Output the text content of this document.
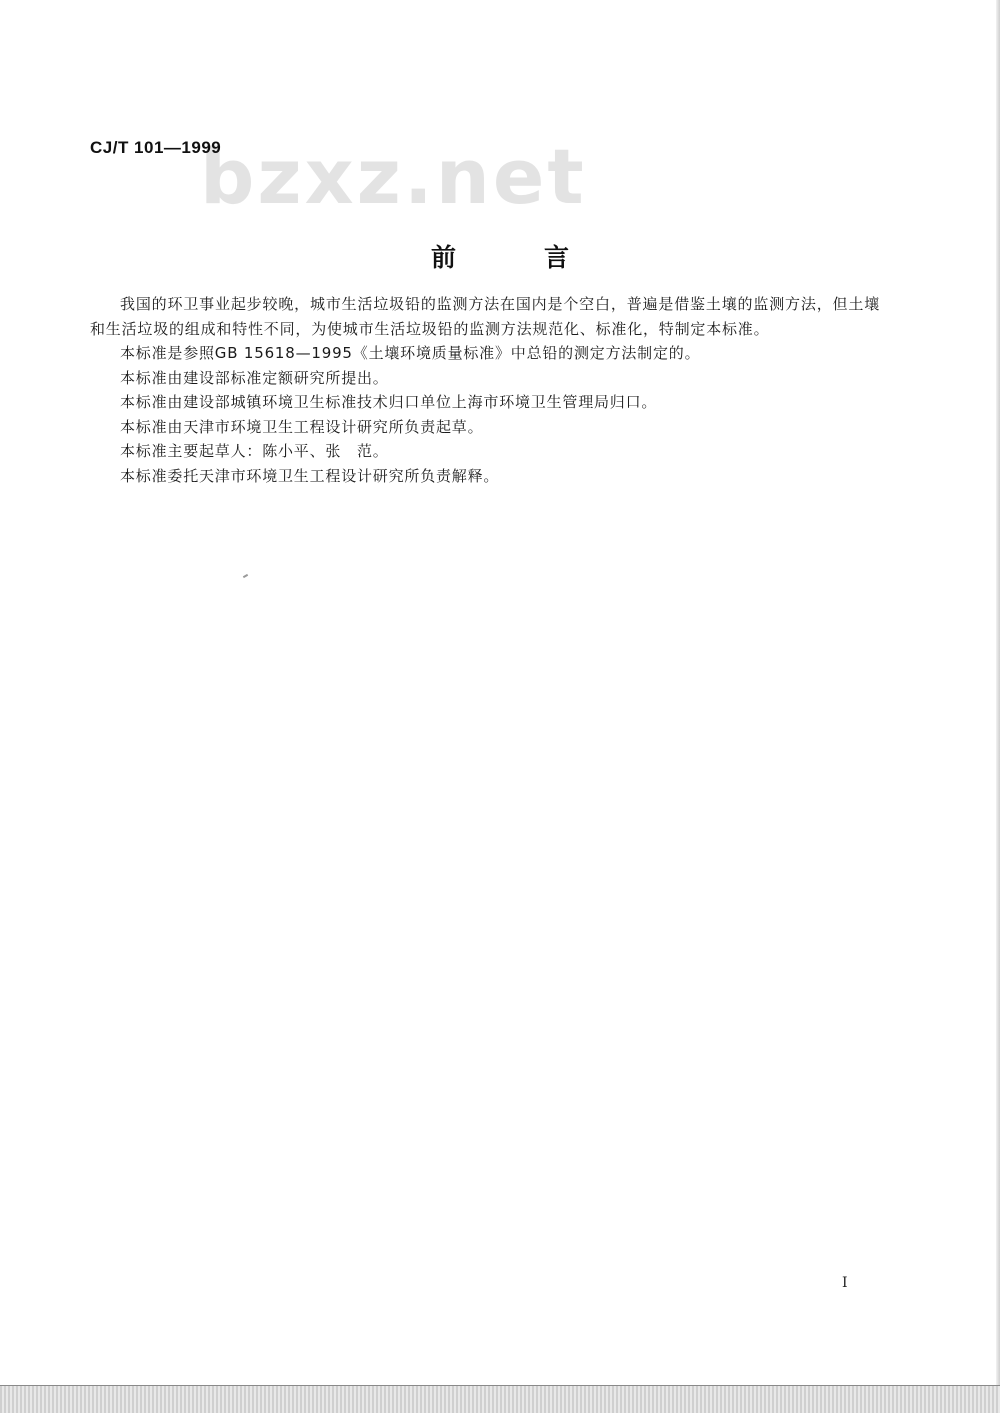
bzxz.net
CJ/T 101—1999
前言

我国的环卫事业起步较晚，城市生活垃圾铅的监测方法在国内是个空白，普遍是借鉴土壤的监测方法，但土壤和生活垃圾的组成和特性不同，为使城市生活垃圾铅的监测方法规范化、标准化，特制定本标准。

本标准是参照GB 15618—1995《土壤环境质量标准》中总铅的测定方法制定的。

本标准由建设部标准定额研究所提出。

本标准由建设部城镇环境卫生标准技术归口单位上海市环境卫生管理局归口。

本标准由天津市环境卫生工程设计研究所负责起草。

本标准主要起草人：陈小平、张　范。

本标准委托天津市环境卫生工程设计研究所负责解释。

I
